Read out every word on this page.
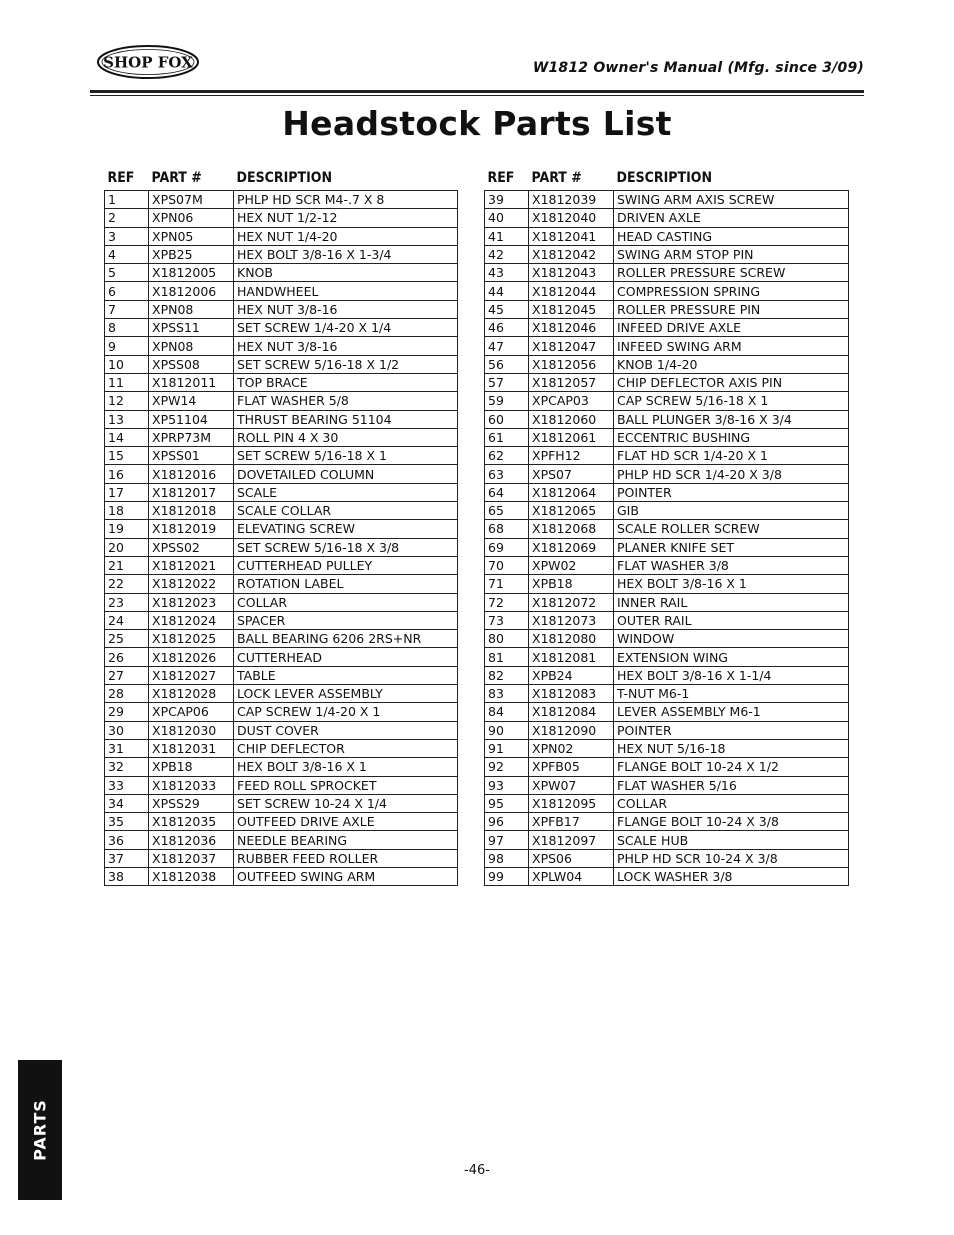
SHOP FOX	W1812 Owner's Manual (Mfg. since 3/09)
Headstock Parts List
REF	PART #	DESCRIPTION
1	XPS07M	PHLP HD SCR M4-.7 X 8
2	XPN06	HEX NUT 1/2-12
3	XPN05	HEX NUT 1/4-20
4	XPB25	HEX BOLT 3/8-16 X 1-3/4
5	X1812005	KNOB
6	X1812006	HANDWHEEL
7	XPN08	HEX NUT 3/8-16
8	XPSS11	SET SCREW 1/4-20 X 1/4
9	XPN08	HEX NUT 3/8-16
10	XPSS08	SET SCREW 5/16-18 X 1/2
11	X1812011	TOP BRACE
12	XPW14	FLAT WASHER 5/8
13	XP51104	THRUST BEARING 51104
14	XPRP73M	ROLL PIN 4 X 30
15	XPSS01	SET SCREW 5/16-18 X 1
16	X1812016	DOVETAILED COLUMN
17	X1812017	SCALE
18	X1812018	SCALE COLLAR
19	X1812019	ELEVATING SCREW
20	XPSS02	SET SCREW 5/16-18 X 3/8
21	X1812021	CUTTERHEAD PULLEY
22	X1812022	ROTATION LABEL
23	X1812023	COLLAR
24	X1812024	SPACER
25	X1812025	BALL BEARING 6206 2RS+NR
26	X1812026	CUTTERHEAD
27	X1812027	TABLE
28	X1812028	LOCK LEVER ASSEMBLY
29	XPCAP06	CAP SCREW 1/4-20 X 1
30	X1812030	DUST COVER
31	X1812031	CHIP DEFLECTOR
32	XPB18	HEX BOLT 3/8-16 X 1
33	X1812033	FEED ROLL SPROCKET
34	XPSS29	SET SCREW 10-24 X 1/4
35	X1812035	OUTFEED DRIVE AXLE
36	X1812036	NEEDLE BEARING
37	X1812037	RUBBER FEED ROLLER
38	X1812038	OUTFEED SWING ARM
REF	PART #	DESCRIPTION
39	X1812039	SWING ARM AXIS SCREW
40	X1812040	DRIVEN AXLE
41	X1812041	HEAD CASTING
42	X1812042	SWING ARM STOP PIN
43	X1812043	ROLLER PRESSURE SCREW
44	X1812044	COMPRESSION SPRING
45	X1812045	ROLLER PRESSURE PIN
46	X1812046	INFEED DRIVE AXLE
47	X1812047	INFEED SWING ARM
56	X1812056	KNOB 1/4-20
57	X1812057	CHIP DEFLECTOR AXIS PIN
59	XPCAP03	CAP SCREW 5/16-18 X 1
60	X1812060	BALL PLUNGER 3/8-16 X 3/4
61	X1812061	ECCENTRIC BUSHING
62	XPFH12	FLAT HD SCR 1/4-20 X 1
63	XPS07	PHLP HD SCR 1/4-20 X 3/8
64	X1812064	POINTER
65	X1812065	GIB
68	X1812068	SCALE ROLLER SCREW
69	X1812069	PLANER KNIFE SET
70	XPW02	FLAT WASHER 3/8
71	XPB18	HEX BOLT 3/8-16 X 1
72	X1812072	INNER RAIL
73	X1812073	OUTER RAIL
80	X1812080	WINDOW
81	X1812081	EXTENSION WING
82	XPB24	HEX BOLT 3/8-16 X 1-1/4
83	X1812083	T-NUT M6-1
84	X1812084	LEVER ASSEMBLY M6-1
90	X1812090	POINTER
91	XPN02	HEX NUT 5/16-18
92	XPFB05	FLANGE BOLT 10-24 X 1/2
93	XPW07	FLAT WASHER 5/16
95	X1812095	COLLAR
96	XPFB17	FLANGE BOLT 10-24 X 3/8
97	X1812097	SCALE HUB
98	XPS06	PHLP HD SCR 10-24 X 3/8
99	XPLW04	LOCK WASHER 3/8
PARTS
-46-
